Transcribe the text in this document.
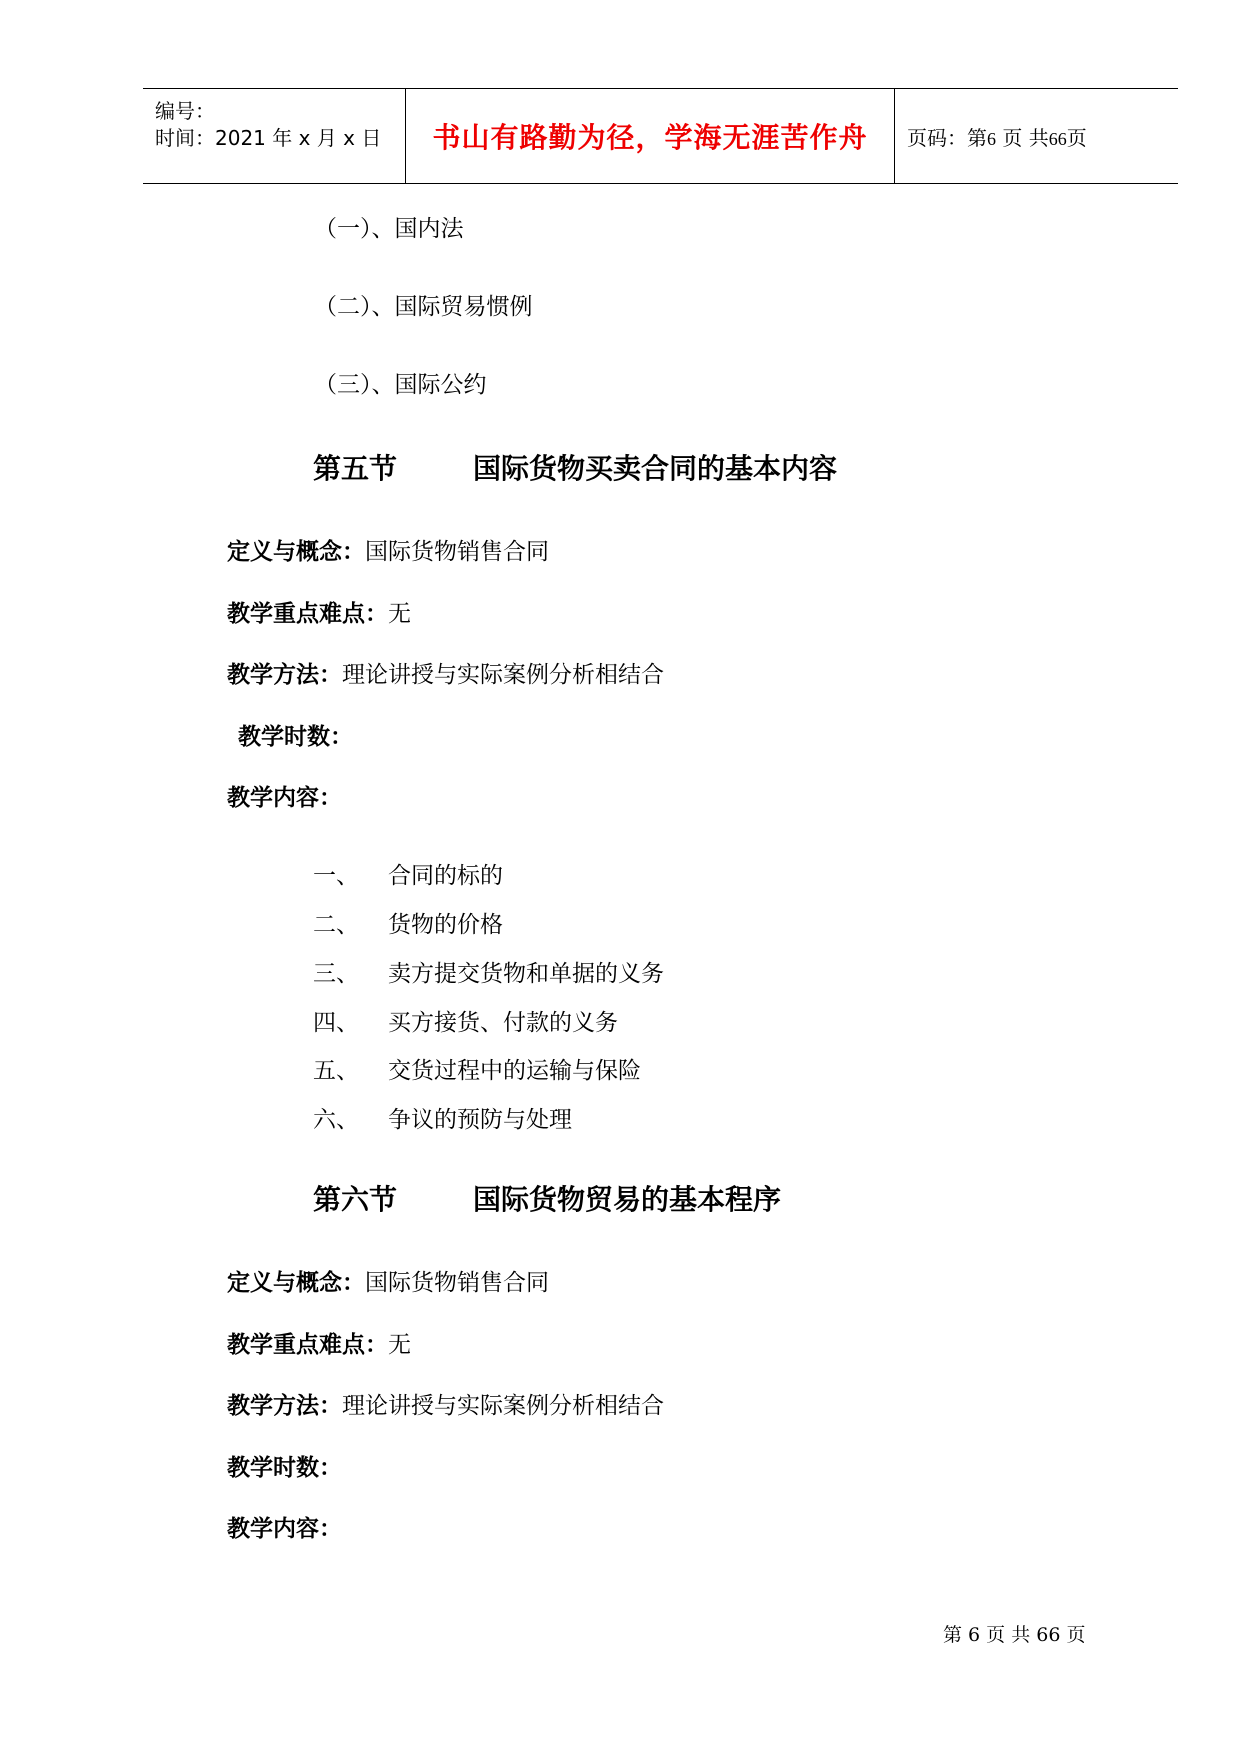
编号：
时间：2021 年 x 月 x 日 书山有路勤为径，学海无涯苦作舟 页码：第6 页 共66页
（一）、国内法
（二）、国际贸易惯例
（三）、国际公约
第五节	国际货物买卖合同的基本内容
定义与概念：国际货物销售合同
教学重点难点：无
教学方法：理论讲授与实际案例分析相结合
教学时数：
教学内容：
一、 合同的标的
二、 货物的价格
三、 卖方提交货物和单据的义务
四、 买方接货、付款的义务
五、 交货过程中的运输与保险
六、 争议的预防与处理
第六节	国际货物贸易的基本程序
定义与概念：国际货物销售合同
教学重点难点：无
教学方法：理论讲授与实际案例分析相结合
教学时数：
教学内容：
第 6 页 共 66 页
